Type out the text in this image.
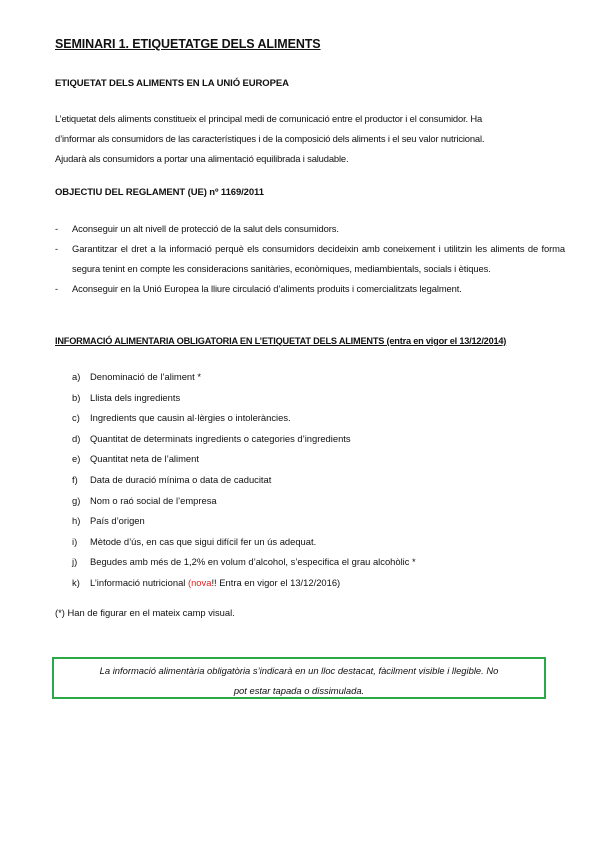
SEMINARI 1. ETIQUETATGE DELS ALIMENTS
ETIQUETAT DELS ALIMENTS EN LA UNIÓ EUROPEA

L’etiquetat dels aliments constitueix el principal medi de comunicació entre el productor i el consumidor. Ha
d’informar als consumidors de las característiques i de la composició dels aliments i el seu valor nutricional.
Ajudarà als consumidors a portar una alimentació equilibrada i saludable.

OBJECTIU DEL REGLAMENT (UE) nº 1169/2011
- Aconseguir un alt nivell de protecció de la salut dels consumidors.
- Garantitzar el dret a la informació perquè els consumidors decideixin amb coneixement i utilitzin les aliments de forma segura tenint en compte les consideracions sanitàries, econòmiques, mediambientals, socials i ètiques.
- Aconseguir en la Unió Europea la lliure circulació d’aliments produits i comercialitzats legalment.
INFORMACIÓ ALIMENTARIA OBLIGATORIA EN L’ETIQUETAT DELS ALIMENTS (entra en vigor el 13/12/2014)
a) Denominació de l’aliment *
b) Llista dels ingredients
c) Ingredients que causin al·lèrgies o intoleràncies.
d) Quantitat de determinats ingredients o categories d’ingredients
e) Quantitat neta de l’aliment
f) Data de duració mínima o data de caducitat
g) Nom o raó social de l’empresa
h) País d’origen
i) Mètode d’ús, en cas que sigui difícil fer un ús adequat.
j) Begudes amb més de 1,2% en volum d’alcohol, s’especifica el grau alcohòlic *
k) L’informació nutricional (nova!! Entra en vigor el 13/12/2016)

(*) Han de figurar en el mateix camp visual.

La informació alimentària obligatòria s’indicarà en un lloc destacat, fàcilment visible i llegible. No
pot estar tapada o dissimulada.
